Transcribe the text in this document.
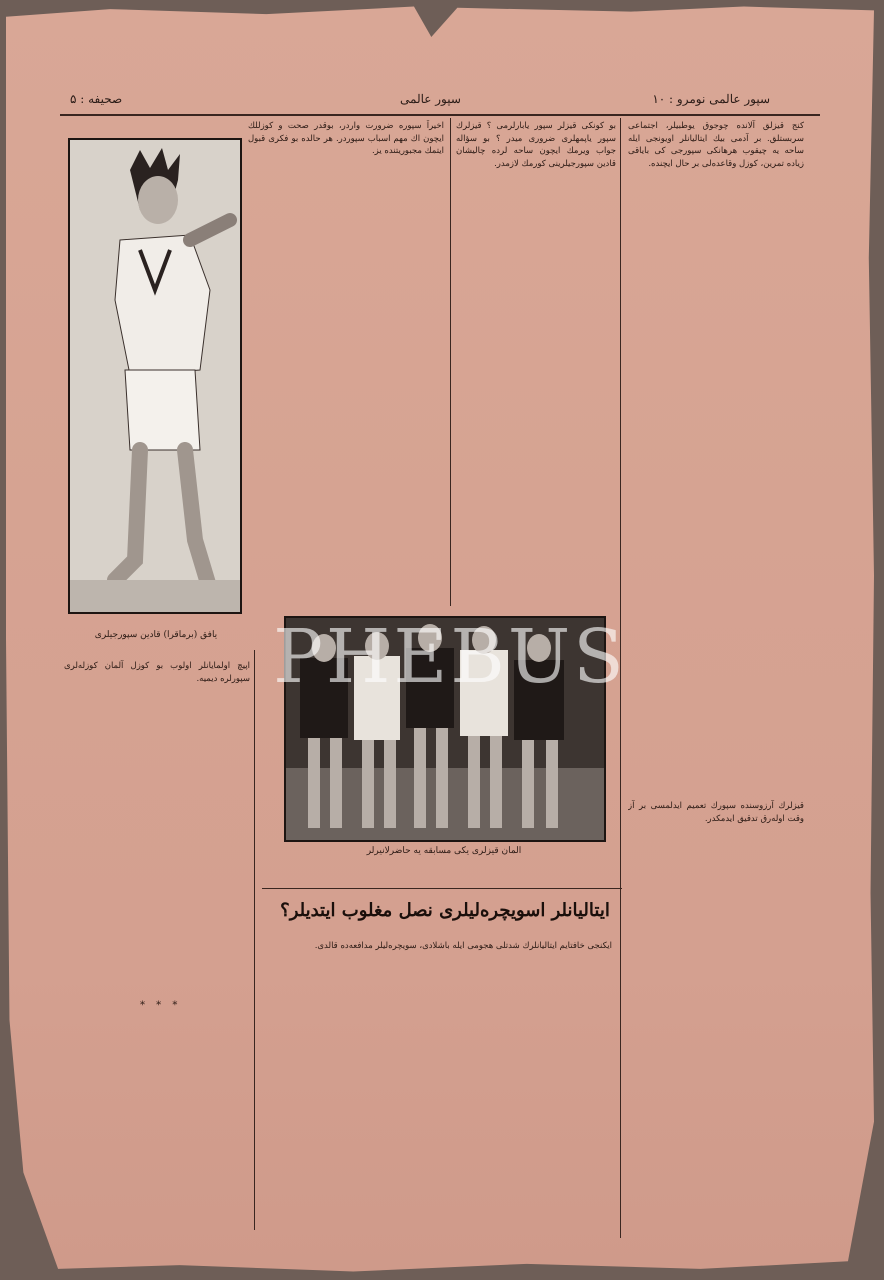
صحيفه : ۵	سپور عالمى	سپور عالمى نومرو : ١٠
يافق (برماقرا) قادين سپورجيلرى

كنج قيزلق آلانده چوجوق يوطبيلر، اجتماعى سربستلق. بر آدمى بيك ايتاليانلر اويونجى ايله ساحه يه چيقوب هرهانكى سپورجى كى باياقى زياده تمرين، كوزل وقاعده‌لى بر حال ايچنده.

بو كونكى قيزلر سپور يابارلرمى ؟ قيزلرك سپور ياپمهلرى ضرورى ميدر ؟ بو سؤاله جواب ويرمك ايچون ساحه لرده چالیشان قادين سپورجيلرينى كورمك لازمدر.

اخيراً سپوره ضرورت واردر، بوقدر صحت و كوزللك ايچون اك مهم اسباب سپوردر. هر حالده بو فكرى قبول ايتمك مجبوريتنده يز.

آلمان قيزلرى يكى مسابقه يه حاضرلانيرلر
ايتاليانلر اسويچره‌ليلرى نصل مغلوب ايتديلر؟

اپيچ اولمايانلر اولوب بو كوزل آلمان كوزله‌لرى سپورلره ديميه.

* * *

ايكنجى خافتايم ايتاليانلرك شدتلى هجومى ايله باشلادى، سويچره‌ليلر مدافعه‌ده قالدى.

قيزلرك آرزوسنده سپورك تعميم ايدلمسى بر آز وقت اوله‌رق تدقيق ايدمكدر.

PHEBUS
